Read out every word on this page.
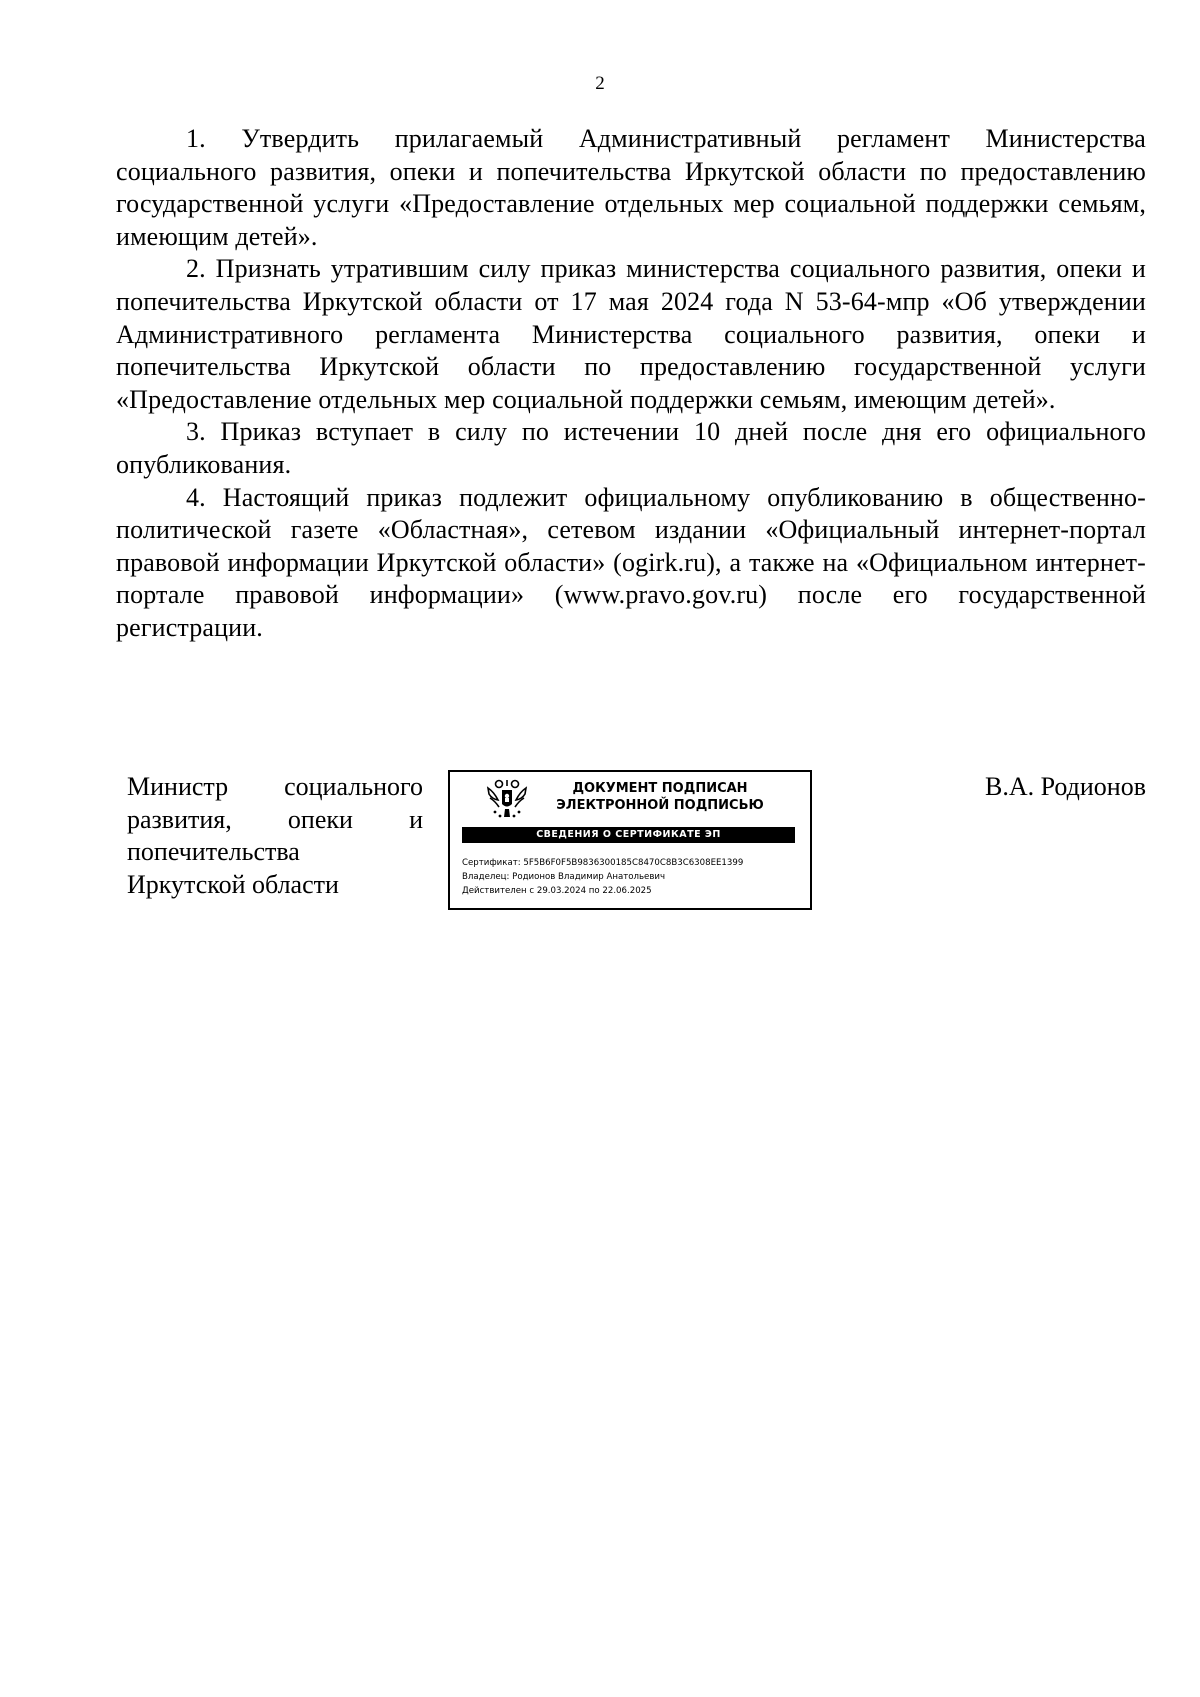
2

1. Утвердить прилагаемый Административный регламент Министерства социального развития, опеки и попечительства Иркутской области по предоставлению государственной услуги «Предоставление отдельных мер социальной поддержки семьям, имеющим детей».

2. Признать утратившим силу приказ министерства социального развития, опеки и попечительства Иркутской области от 17 мая 2024 года N 53-64-мпр «Об утверждении Административного регламента Министерства социального развития, опеки и попечительства Иркутской области по предоставлению государственной услуги «Предоставление отдельных мер социальной поддержки семьям, имеющим детей».

3. Приказ вступает в силу по истечении 10 дней после дня его официального опубликования.

4. Настоящий приказ подлежит официальному опубликованию в общественно-политической газете «Областная», сетевом издании «Официальный интернет-портал правовой информации Иркутской области» (ogirk.ru), а также на «Официальном интернет-портале правовой информации» (www.pravo.gov.ru) после его государственной регистрации.

Министр социального
развития, опеки и
попечительства
Иркутской области
ДОКУМЕНТ ПОДПИСАН
ЭЛЕКТРОННОЙ ПОДПИСЬЮ
СВЕДЕНИЯ О СЕРТИФИКАТЕ ЭП
Сертификат: 5F5B6F0F5B9836300185C8470C8B3C6308EE1399
Владелец: Родионов Владимир Анатольевич
Действителен с 29.03.2024 по 22.06.2025
В.А. Родионов
